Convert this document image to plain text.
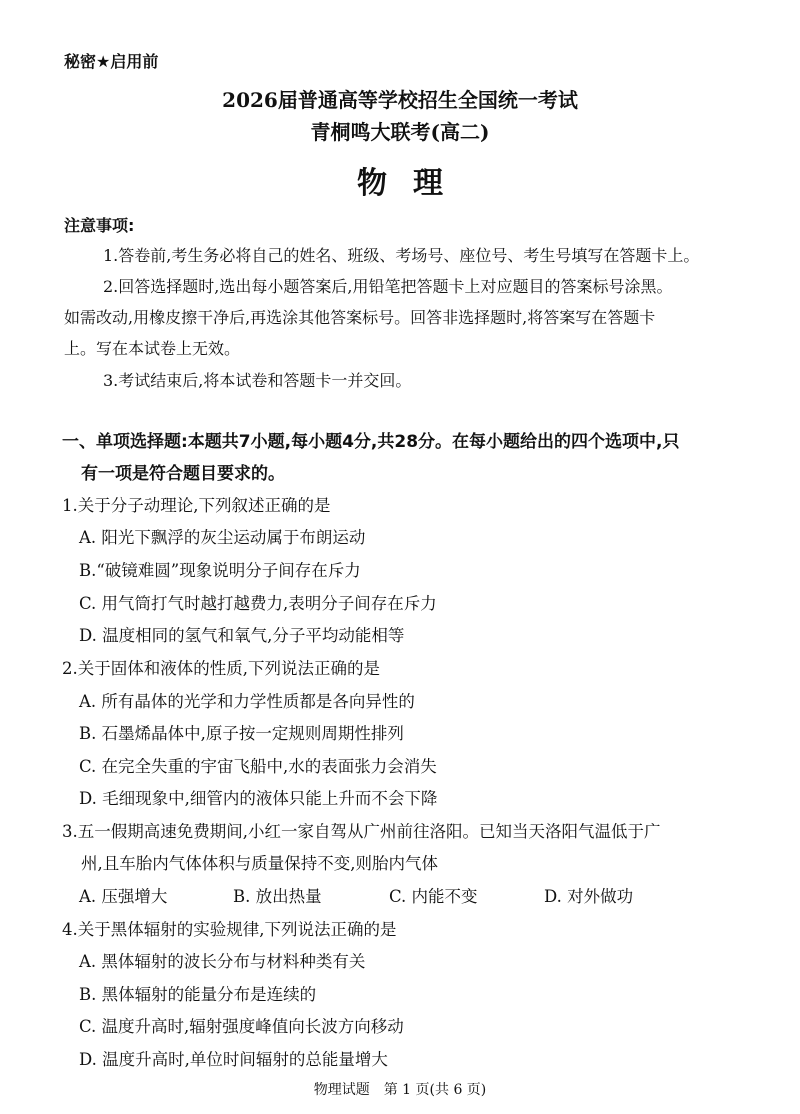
秘密★启用前
2026届普通高等学校招生全国统一考试
青桐鸣大联考(高二)
物理
注意事项:
1.答卷前,考生务必将自己的姓名、班级、考场号、座位号、考生号填写在答题卡上。
2.回答选择题时,选出每小题答案后,用铅笔把答题卡上对应题目的答案标号涂黑。
如需改动,用橡皮擦干净后,再选涂其他答案标号。回答非选择题时,将答案写在答题卡
上。写在本试卷上无效。
3.考试结束后,将本试卷和答题卡一并交回。
一、单项选择题:本题共7小题,每小题4分,共28分。在每小题给出的四个选项中,只
有一项是符合题目要求的。
1.关于分子动理论,下列叙述正确的是
A. 阳光下飘浮的灰尘运动属于布朗运动
B.“破镜难圆”现象说明分子间存在斥力
C. 用气筒打气时越打越费力,表明分子间存在斥力
D. 温度相同的氢气和氧气,分子平均动能相等
2.关于固体和液体的性质,下列说法正确的是
A. 所有晶体的光学和力学性质都是各向异性的
B. 石墨烯晶体中,原子按一定规则周期性排列
C. 在完全失重的宇宙飞船中,水的表面张力会消失
D. 毛细现象中,细管内的液体只能上升而不会下降
3.五一假期高速免费期间,小红一家自驾从广州前往洛阳。已知当天洛阳气温低于广
州,且车胎内气体体积与质量保持不变,则胎内气体
A. 压强增大	B. 放出热量	C. 内能不变	D. 对外做功
4.关于黑体辐射的实验规律,下列说法正确的是
A. 黑体辐射的波长分布与材料种类有关
B. 黑体辐射的能量分布是连续的
C. 温度升高时,辐射强度峰值向长波方向移动
D. 温度升高时,单位时间辐射的总能量增大
物理试题　第 1 页(共 6 页)
